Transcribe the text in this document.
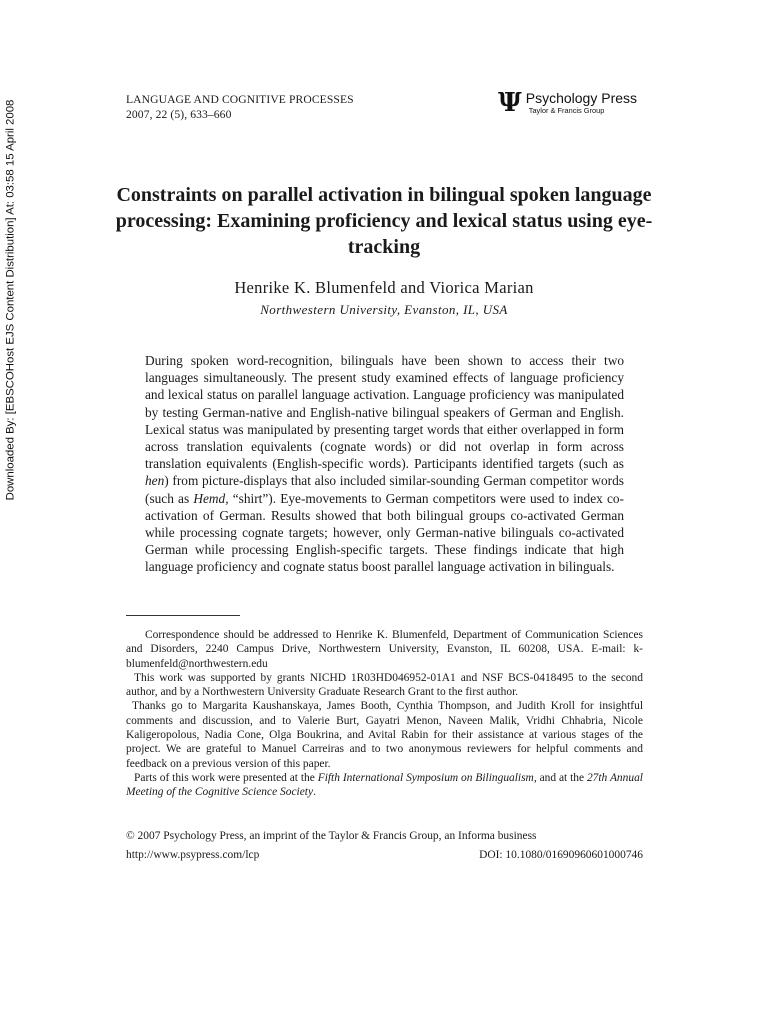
Downloaded By: [EBSCOHost EJS Content Distribution] At: 03:58 15 April 2008
LANGUAGE AND COGNITIVE PROCESSES
2007, 22 (5), 633–660	Ψ Psychology Press
Taylor & Francis Group
Constraints on parallel activation in bilingual spoken language processing: Examining proficiency and lexical status using eye-tracking
Henrike K. Blumenfeld and Viorica Marian
Northwestern University, Evanston, IL, USA

During spoken word-recognition, bilinguals have been shown to access their two languages simultaneously. The present study examined effects of language proficiency and lexical status on parallel language activation. Language proficiency was manipulated by testing German-native and English-native bilingual speakers of German and English. Lexical status was manipulated by presenting target words that either overlapped in form across translation equivalents (cognate words) or did not overlap in form across translation equivalents (English-specific words). Participants identified targets (such as hen) from picture-displays that also included similar-sounding German competitor words (such as Hemd, “shirt”). Eye-movements to German competitors were used to index co-activation of German. Results showed that both bilingual groups co-activated German while processing cognate targets; however, only German-native bilinguals co-activated German while processing English-specific targets. These findings indicate that high language proficiency and cognate status boost parallel language activation in bilinguals.

Correspondence should be addressed to Henrike K. Blumenfeld, Department of Communication Sciences and Disorders, 2240 Campus Drive, Northwestern University, Evanston, IL 60208, USA. E-mail: k-blumenfeld@northwestern.edu

This work was supported by grants NICHD 1R03HD046952-01A1 and NSF BCS-0418495 to the second author, and by a Northwestern University Graduate Research Grant to the first author.

Thanks go to Margarita Kaushanskaya, James Booth, Cynthia Thompson, and Judith Kroll for insightful comments and discussion, and to Valerie Burt, Gayatri Menon, Naveen Malik, Vridhi Chhabria, Nicole Kaligeropolous, Nadia Cone, Olga Boukrina, and Avital Rabin for their assistance at various stages of the project. We are grateful to Manuel Carreiras and to two anonymous reviewers for helpful comments and feedback on a previous version of this paper.

Parts of this work were presented at the Fifth International Symposium on Bilingualism, and at the 27th Annual Meeting of the Cognitive Science Society.

© 2007 Psychology Press, an imprint of the Taylor & Francis Group, an Informa business
http://www.psypress.com/lcp	DOI: 10.1080/01690960601000746
